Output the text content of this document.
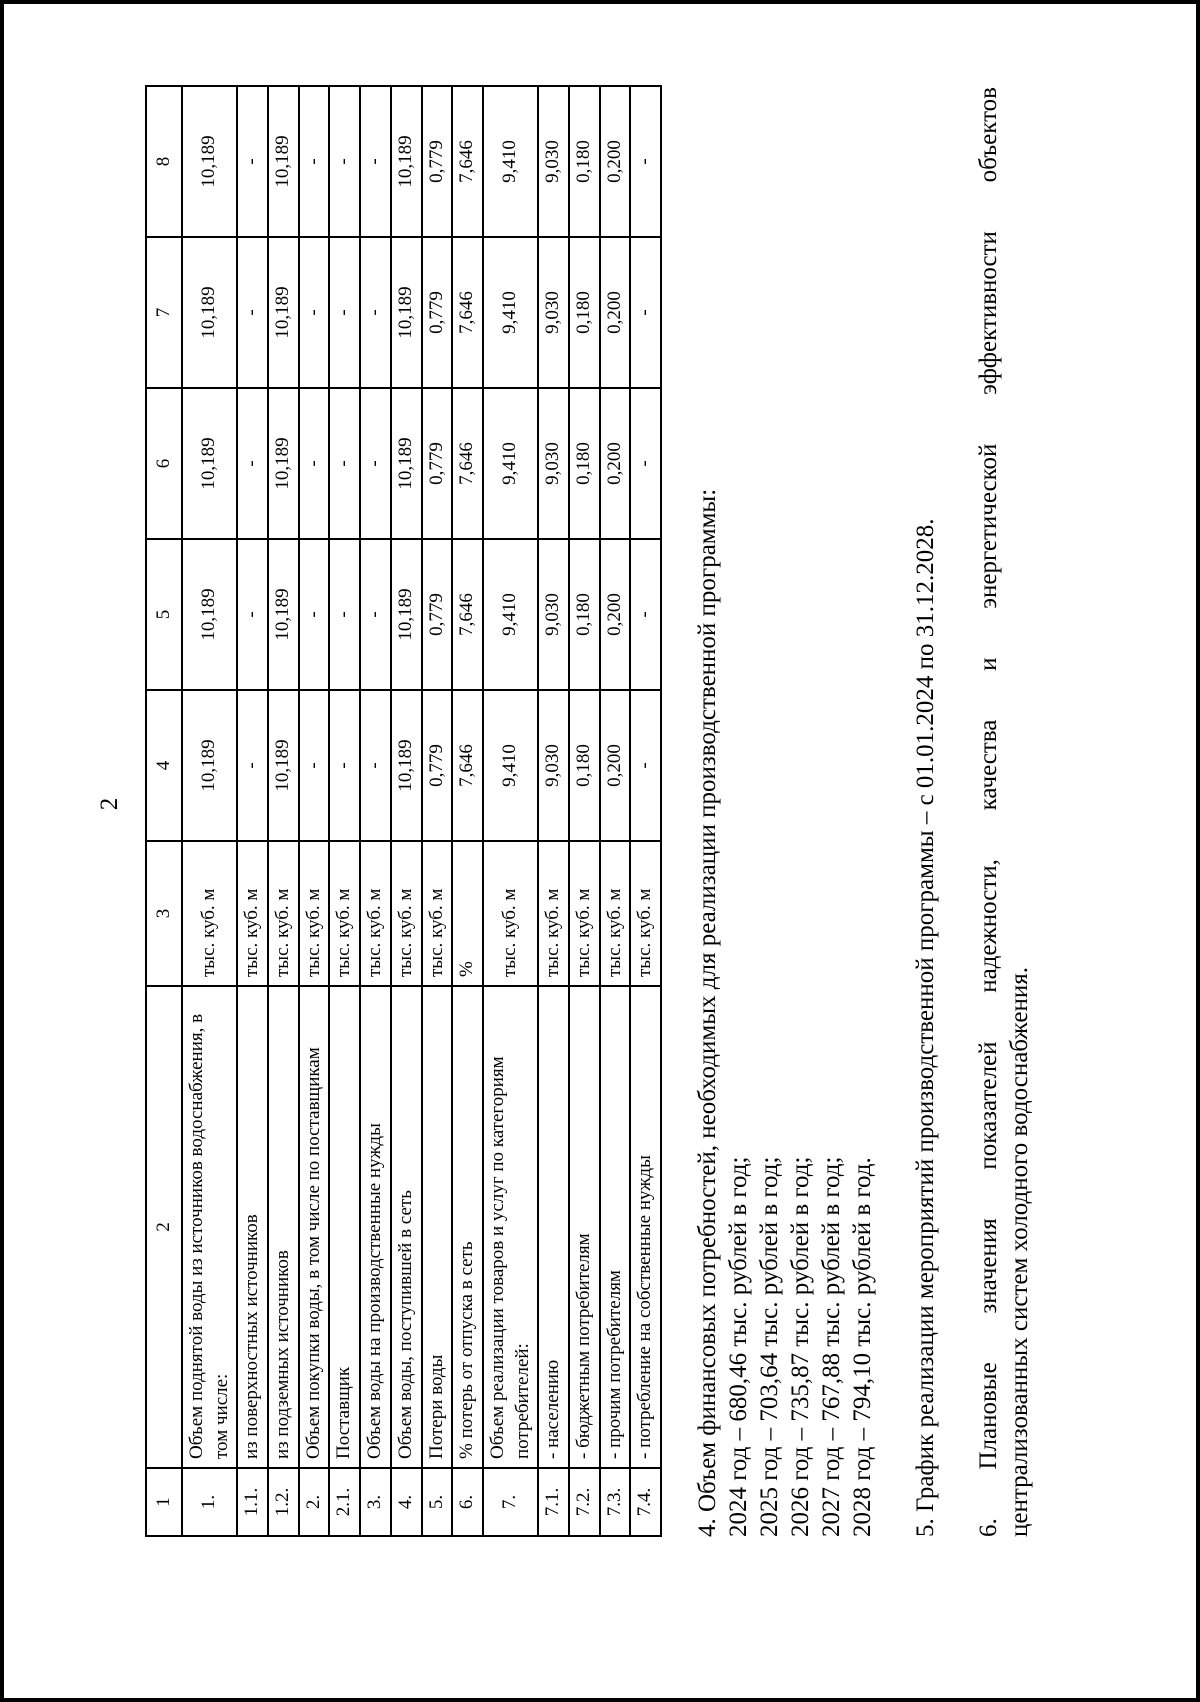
2
1	2	3	4	5	6	7	8
1.	Объем поднятой воды из источников водоснабжения, в том числе:	тыс. куб. м	10,189	10,189	10,189	10,189	10,189
1.1.	из поверхностных источников	тыс. куб. м	-	-	-	-	-
1.2.	из подземных источников	тыс. куб. м	10,189	10,189	10,189	10,189	10,189
2.	Объем покупки воды, в том числе по поставщикам	тыс. куб. м	-	-	-	-	-
2.1.	Поставщик	тыс. куб. м	-	-	-	-	-
3.	Объем воды на производственные нужды	тыс. куб. м	-	-	-	-	-
4.	Объем воды, поступившей в сеть	тыс. куб. м	10,189	10,189	10,189	10,189	10,189
5.	Потери воды	тыс. куб. м	0,779	0,779	0,779	0,779	0,779
6.	% потерь от отпуска в сеть	%	7,646	7,646	7,646	7,646	7,646
7.	Объем реализации товаров и услуг по категориям потребителей:	тыс. куб. м	9,410	9,410	9,410	9,410	9,410
7.1.	- населению	тыс. куб. м	9,030	9,030	9,030	9,030	9,030
7.2.	- бюджетным потребителям	тыс. куб. м	0,180	0,180	0,180	0,180	0,180
7.3.	- прочим потребителям	тыс. куб. м	0,200	0,200	0,200	0,200	0,200
7.4.	- потребление на собственные нужды	тыс. куб. м	-	-	-	-	-

4. Объем финансовых потребностей, необходимых для реализации производственной программы: 2024 год – 680,46 тыс. рублей в год; 2025 год – 703,64 тыс. рублей в год; 2026 год – 735,87 тыс. рублей в год; 2027 год – 767,88 тыс. рублей в год; 2028 год – 794,10 тыс. рублей в год. 5. График реализации мероприятий производственной программы – с 01.01.2024 по 31.12.2028. 6. Плановые значения показателей надежности, качества и энергетической эффективности объектов централизованных систем холодного водоснабжения.
